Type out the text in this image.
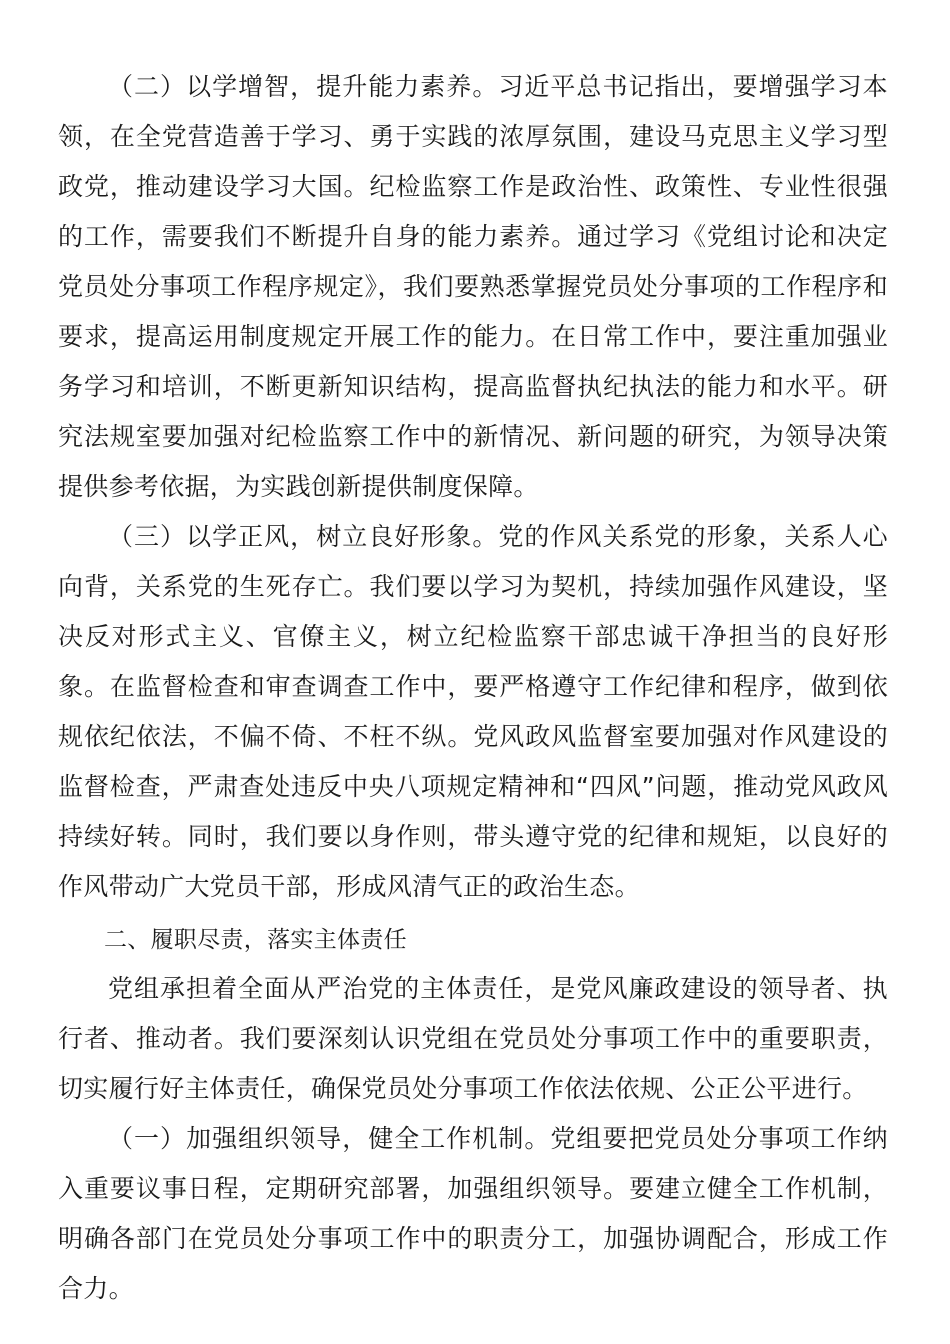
（二）以学增智，提升能力素养。习近平总书记指出，要增强学习本领，在全党营造善于学习、勇于实践的浓厚氛围，建设马克思主义学习型政党，推动建设学习大国。纪检监察工作是政治性、政策性、专业性很强的工作，需要我们不断提升自身的能力素养。通过学习《党组讨论和决定党员处分事项工作程序规定》，我们要熟悉掌握党员处分事项的工作程序和要求，提高运用制度规定开展工作的能力。在日常工作中，要注重加强业务学习和培训，不断更新知识结构，提高监督执纪执法的能力和水平。研究法规室要加强对纪检监察工作中的新情况、新问题的研究，为领导决策提供参考依据，为实践创新提供制度保障。

（三）以学正风，树立良好形象。党的作风关系党的形象，关系人心向背，关系党的生死存亡。我们要以学习为契机，持续加强作风建设，坚决反对形式主义、官僚主义，树立纪检监察干部忠诚干净担当的良好形象。在监督检查和审查调查工作中，要严格遵守工作纪律和程序，做到依规依纪依法，不偏不倚、不枉不纵。党风政风监督室要加强对作风建设的监督检查，严肃查处违反中央八项规定精神和“四风”问题，推动党风政风持续好转。同时，我们要以身作则，带头遵守党的纪律和规矩，以良好的作风带动广大党员干部，形成风清气正的政治生态。

二、履职尽责，落实主体责任

党组承担着全面从严治党的主体责任，是党风廉政建设的领导者、执行者、推动者。我们要深刻认识党组在党员处分事项工作中的重要职责，切实履行好主体责任，确保党员处分事项工作依法依规、公正公平进行。

（一）加强组织领导，健全工作机制。党组要把党员处分事项工作纳入重要议事日程，定期研究部署，加强组织领导。要建立健全工作机制，明确各部门在党员处分事项工作中的职责分工，加强协调配合，形成工作合力。
